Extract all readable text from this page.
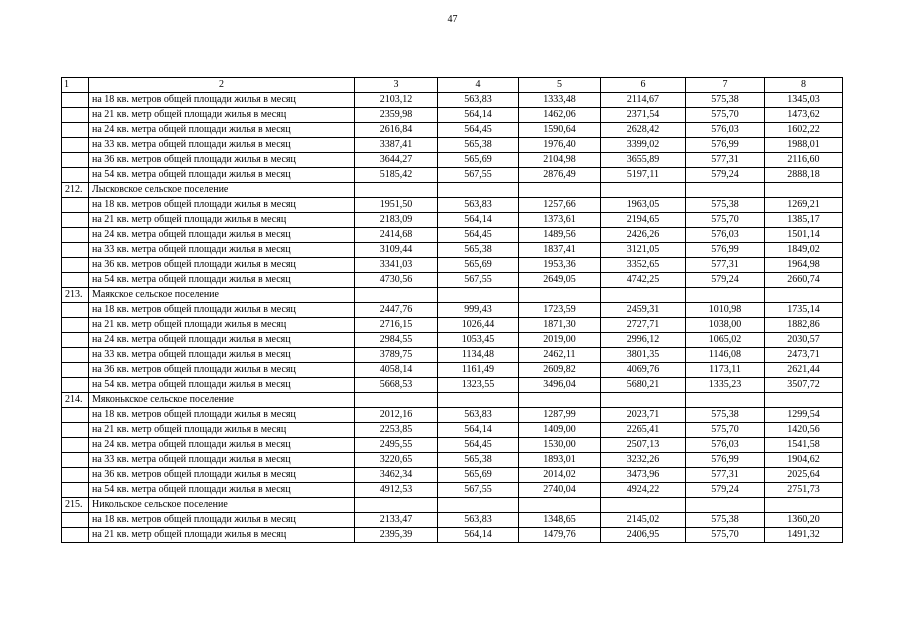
47
1	2	3	4	5	6	7	8
	на 18 кв. метров общей площади жилья в месяц	2103,12	563,83	1333,48	2114,67	575,38	1345,03
	на 21 кв. метр общей площади жилья в месяц	2359,98	564,14	1462,06	2371,54	575,70	1473,62
	на 24 кв. метра общей площади жилья в месяц	2616,84	564,45	1590,64	2628,42	576,03	1602,22
	на 33 кв. метра общей площади жилья в месяц	3387,41	565,38	1976,40	3399,02	576,99	1988,01
	на 36 кв. метров общей площади жилья в месяц	3644,27	565,69	2104,98	3655,89	577,31	2116,60
	на 54 кв. метра общей площади жилья в месяц	5185,42	567,55	2876,49	5197,11	579,24	2888,18
212.	Лысковское сельское поселение						
	на 18 кв. метров общей площади жилья в месяц	1951,50	563,83	1257,66	1963,05	575,38	1269,21
	на 21 кв. метр общей площади жилья в месяц	2183,09	564,14	1373,61	2194,65	575,70	1385,17
	на 24 кв. метра общей площади жилья в месяц	2414,68	564,45	1489,56	2426,26	576,03	1501,14
	на 33 кв. метра общей площади жилья в месяц	3109,44	565,38	1837,41	3121,05	576,99	1849,02
	на 36 кв. метров общей площади жилья в месяц	3341,03	565,69	1953,36	3352,65	577,31	1964,98
	на 54 кв. метра общей площади жилья в месяц	4730,56	567,55	2649,05	4742,25	579,24	2660,74
213.	Маякское сельское поселение						
	на 18 кв. метров общей площади жилья в месяц	2447,76	999,43	1723,59	2459,31	1010,98	1735,14
	на 21 кв. метр общей площади жилья в месяц	2716,15	1026,44	1871,30	2727,71	1038,00	1882,86
	на 24 кв. метра общей площади жилья в месяц	2984,55	1053,45	2019,00	2996,12	1065,02	2030,57
	на 33 кв. метра общей площади жилья в месяц	3789,75	1134,48	2462,11	3801,35	1146,08	2473,71
	на 36 кв. метров общей площади жилья в месяц	4058,14	1161,49	2609,82	4069,76	1173,11	2621,44
	на 54 кв. метра общей площади жилья в месяц	5668,53	1323,55	3496,04	5680,21	1335,23	3507,72
214.	Мяконькское сельское поселение						
	на 18 кв. метров общей площади жилья в месяц	2012,16	563,83	1287,99	2023,71	575,38	1299,54
	на 21 кв. метр общей площади жилья в месяц	2253,85	564,14	1409,00	2265,41	575,70	1420,56
	на 24 кв. метра общей площади жилья в месяц	2495,55	564,45	1530,00	2507,13	576,03	1541,58
	на 33 кв. метра общей площади жилья в месяц	3220,65	565,38	1893,01	3232,26	576,99	1904,62
	на 36 кв. метров общей площади жилья в месяц	3462,34	565,69	2014,02	3473,96	577,31	2025,64
	на 54 кв. метра общей площади жилья в месяц	4912,53	567,55	2740,04	4924,22	579,24	2751,73
215.	Никольское сельское поселение						
	на 18 кв. метров общей площади жилья в месяц	2133,47	563,83	1348,65	2145,02	575,38	1360,20
	на 21 кв. метр общей площади жилья в месяц	2395,39	564,14	1479,76	2406,95	575,70	1491,32
